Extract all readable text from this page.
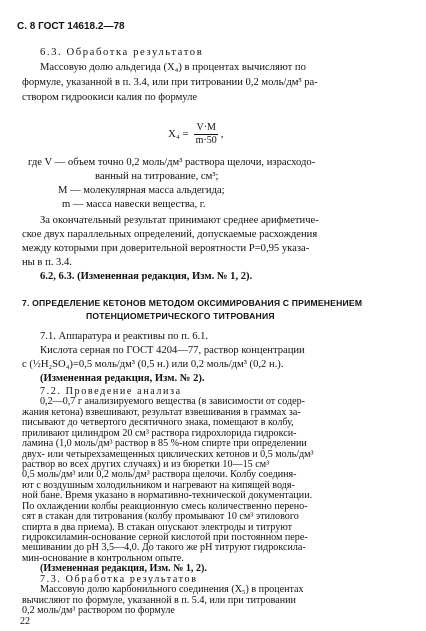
С. 8 ГОСТ 14618.2—78
6.3. Обработка результатов
Массовую долю альдегида (X₄) в процентах вычисляют по
формуле, указанной в п. 3.4, или при титровании 0,2 моль/дм³ ра-
створом гидроокиси калия по формуле
$X_4 = \frac{V\cdot M}{m\cdot 50}$ ,
где V — объем точно 0,2 моль/дм³ раствора щелочи, израсходо-
ванный на титрование, см³;
M — молекулярная масса альдегида;
m — масса навески вещества, г.
За окончательный результат принимают среднее арифметиче-
ское двух параллельных определений, допускаемые расхождения
между которыми при доверительной вероятности P=0,95 указа-
ны в п. 3.4.
6.2, 6.3. (Измененная редакция, Изм. № 1, 2).
7. ОПРЕДЕЛЕНИЕ КЕТОНОВ МЕТОДОМ ОКСИМИРОВАНИЯ С ПРИМЕНЕНИЕМ
ПОТЕНЦИОМЕТРИЧЕСКОГО ТИТРОВАНИЯ
7.1. Аппаратура и реактивы по п. 6.1.
Кислота серная по ГОСТ 4204—77, раствор концентрации
c (½H₂SO₄)=0,5 моль/дм³ (0,5 н.) или 0,2 моль/дм³ (0,2 н.).
(Измененная редакция, Изм. № 2).
7.2. Проведение анализа
0,2—0,7 г анализируемого вещества (в зависимости от содер-
жания кетона) взвешивают, результат взвешивания в граммах за-
писывают до четвертого десятичного знака, помещают в колбу,
приливают цилиндром 20 см³ раствора гидрохлорида гидрокси-
ламина (1,0 моль/дм³ раствор в 85 %-ном спирте при определении
двух- или четырехзамещенных циклических кетонов и 0,5 моль/дм³
раствор во всех других случаях) и из бюретки 10—15 см³
0,5 моль/дм³ или 0,2 моль/дм³ раствора щелочи. Колбу соединя-
ют с воздушным холодильником и нагревают на кипящей водя-
ной бане. Время указано в нормативно-технической документации.
По охлаждении колбы реакционную смесь количественно перено-
сят в стакан для титрования (колбу промывают 10 см³ этилового
спирта в два приема). В стакан опускают электроды и титруют
гидроксиламин-основание серной кислотой при постоянном пере-
мешивании до pH 3,5—4,0. До такого же pH титруют гидроксила-
мин-основание в контрольном опыте.
(Измененная редакция, Изм. № 1, 2).
7.3. Обработка результатов
Массовую долю карбонильного соединения (X₅) в процентах
вычисляют по формуле, указанной в п. 5.4, или при титровании
0,2 моль/дм³ раствором по формуле
22
